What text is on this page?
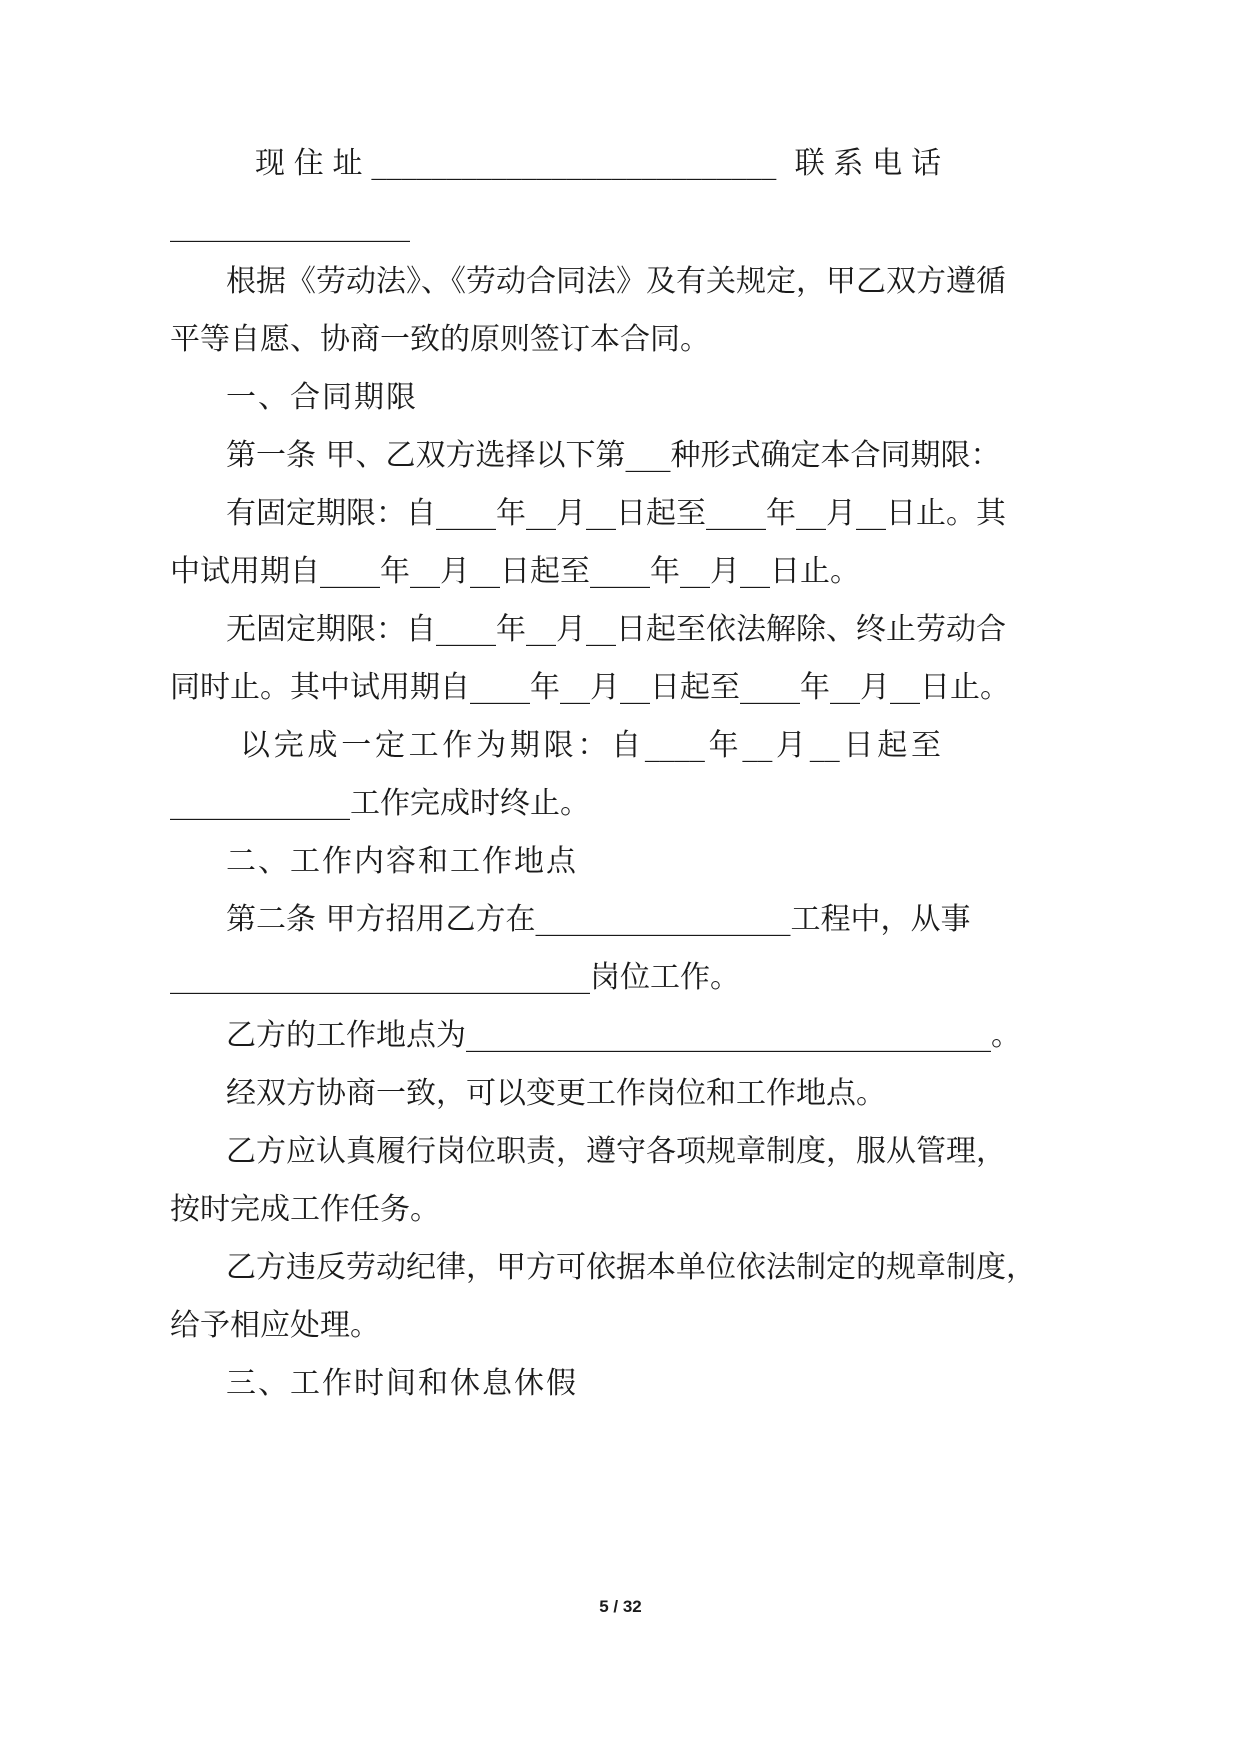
现住址___________________________ 联系电话
________________
根据《劳动法》、《劳动合同法》及有关规定，甲乙双方遵循
平等自愿、协商一致的原则签订本合同。
一、合同期限
第一条 甲、乙双方选择以下第___种形式确定本合同期限：
有固定期限：自____年__月__日起至____年__月__日止。其
中试用期自____年__月__日起至____年__月__日止。
无固定期限：自____年__月__日起至依法解除、终止劳动合
同时止。其中试用期自____年__月__日起至____年__月__日止。
以完成一定工作为期限：自____年__月__日起至
____________工作完成时终止。
二、工作内容和工作地点
第二条 甲方招用乙方在_________________工程中，从事
____________________________岗位工作。
乙方的工作地点为___________________________________。
经双方协商一致，可以变更工作岗位和工作地点。
乙方应认真履行岗位职责，遵守各项规章制度，服从管理，
按时完成工作任务。
乙方违反劳动纪律，甲方可依据本单位依法制定的规章制度，
给予相应处理。
三、工作时间和休息休假
5 / 32
